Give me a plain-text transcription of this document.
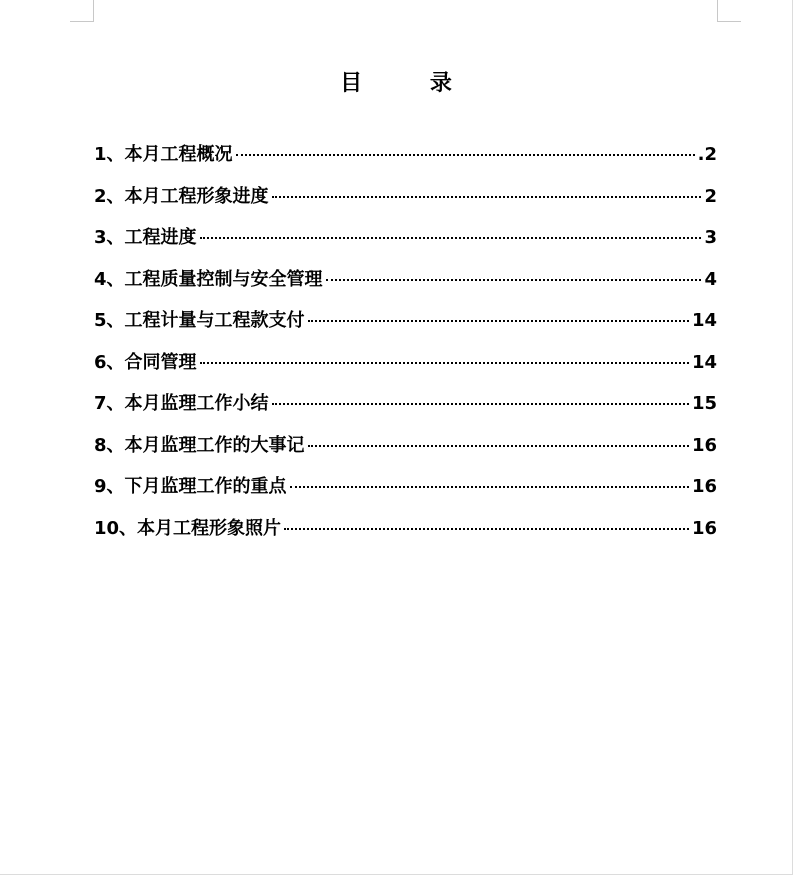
目 录
1、本月工程概况	.2
2、本月工程形象进度	2
3、工程进度	3
4、工程质量控制与安全管理	4
5、工程计量与工程款支付	14
6、合同管理	14
7、本月监理工作小结	15
8、本月监理工作的大事记	16
9、下月监理工作的重点	16
10、本月工程形象照片	16
